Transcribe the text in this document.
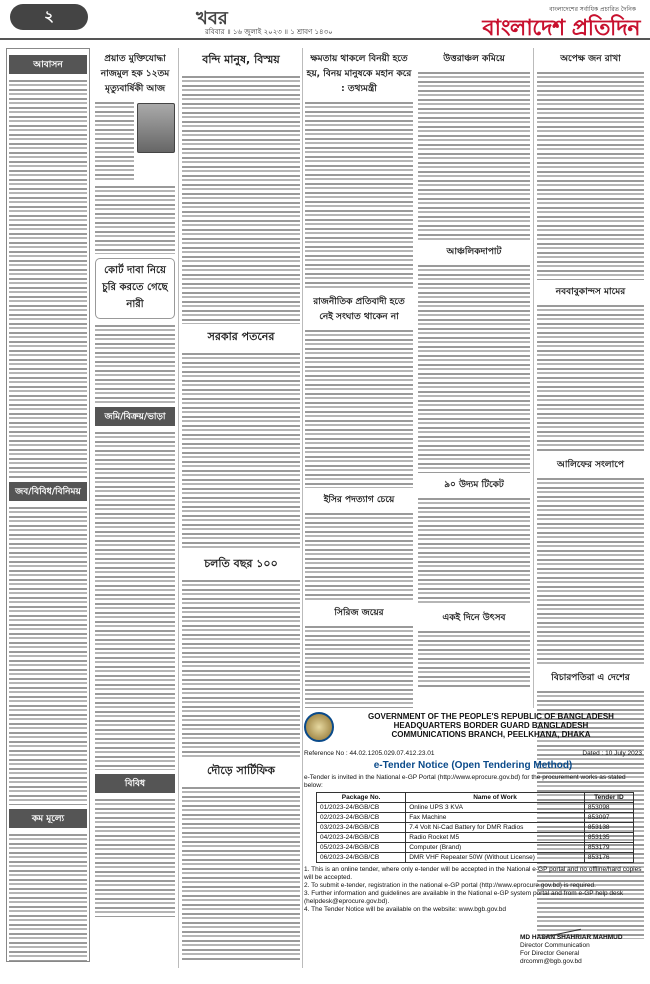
২	খবর
রবিবার ॥ ১৬ জুলাই ২০২৩ ॥ ১ শ্রাবণ ১৪৩০
বাংলাদেশের সর্বাধিক প্রচারিত দৈনিক
বাংলাদেশ প্রতিদিন
আবাসন
জব/বিবিধ/বিনিময়
কম মূল্যে
প্রয়াত মুক্তিযোদ্ধা নাজমুল হক ১২তম মৃত্যুবার্ষিকী আজ
কোর্ট দাবা নিয়ে চুরি করতে গেছে নারী
জমি/বিক্রয়/ভাড়া
বিবিধ
বন্দি মানুষ, বিস্ময়
সরকার পতনের
চলতি বছর ১০০
দৌড়ে সার্টিফিক
ক্ষমতায় থাকলে বিনয়ী হতে হয়, বিনয় মানুষকে মহান করে : তথ্যমন্ত্রী
রাজনীতিক প্রতিবাদী হতে নেই সংঘাত থাকেন না
ইসির পদত্যাগ চেয়ে
সিরিজ জয়ের
উত্তরাঞ্চল কমিয়ে
আঞ্চলিকদাপাট
৯০ উদ্যম টিকেট
একই দিনে উৎসব
অপেক্ষ জন রাখা
নববাবুকান্দস মামের
আলিফের সংলাপে
বিচারপতিরা এ দেশের
GOVERNMENT OF THE PEOPLE'S REPUBLIC OF BANGLADESH
HEADQUARTERS BORDER GUARD BANGLADESH
COMMUNICATIONS BRANCH, PEELKHANA, DHAKA
Reference No : 44.02.1205.029.07.412.23.01	Dated : 10 July 2023
e-Tender Notice (Open Tendering Method)
e-Tender is invited in the National e-GP Portal (http://www.eprocure.gov.bd) for the procurement works as stated below:
Package No.	Name of Work	Tender ID
01/2023-24/BGB/CB	Online UPS 3 KVA	853098
02/2023-24/BGB/CB	Fax Machine	853097
03/2023-24/BGB/CB	7.4 Volt Ni-Cad Battery for DMR Radios	853138
04/2023-24/BGB/CB	Radio Rocket M5	853135
05/2023-24/BGB/CB	Computer (Brand)	853179
06/2023-24/BGB/CB	DMR VHF Repeater 50W (Without License)	853176
1. This is an online tender, where only e-tender will be accepted in the National e-GP portal and no offline/hard copies will be accepted.
2. To submit e-tender, registration in the national e-GP portal (http://www.eprocure.gov.bd) is required.
3. Further information and guidelines are available in the National e-GP system portal and from e-GP help desk (helpdesk@eprocure.gov.bd).
4. The Tender Notice will be available on the website: www.bgb.gov.bd
MD HASAN SHAHRIAR MAHMUD
Director Communication
For Director General
drcomm@bgb.gov.bd
